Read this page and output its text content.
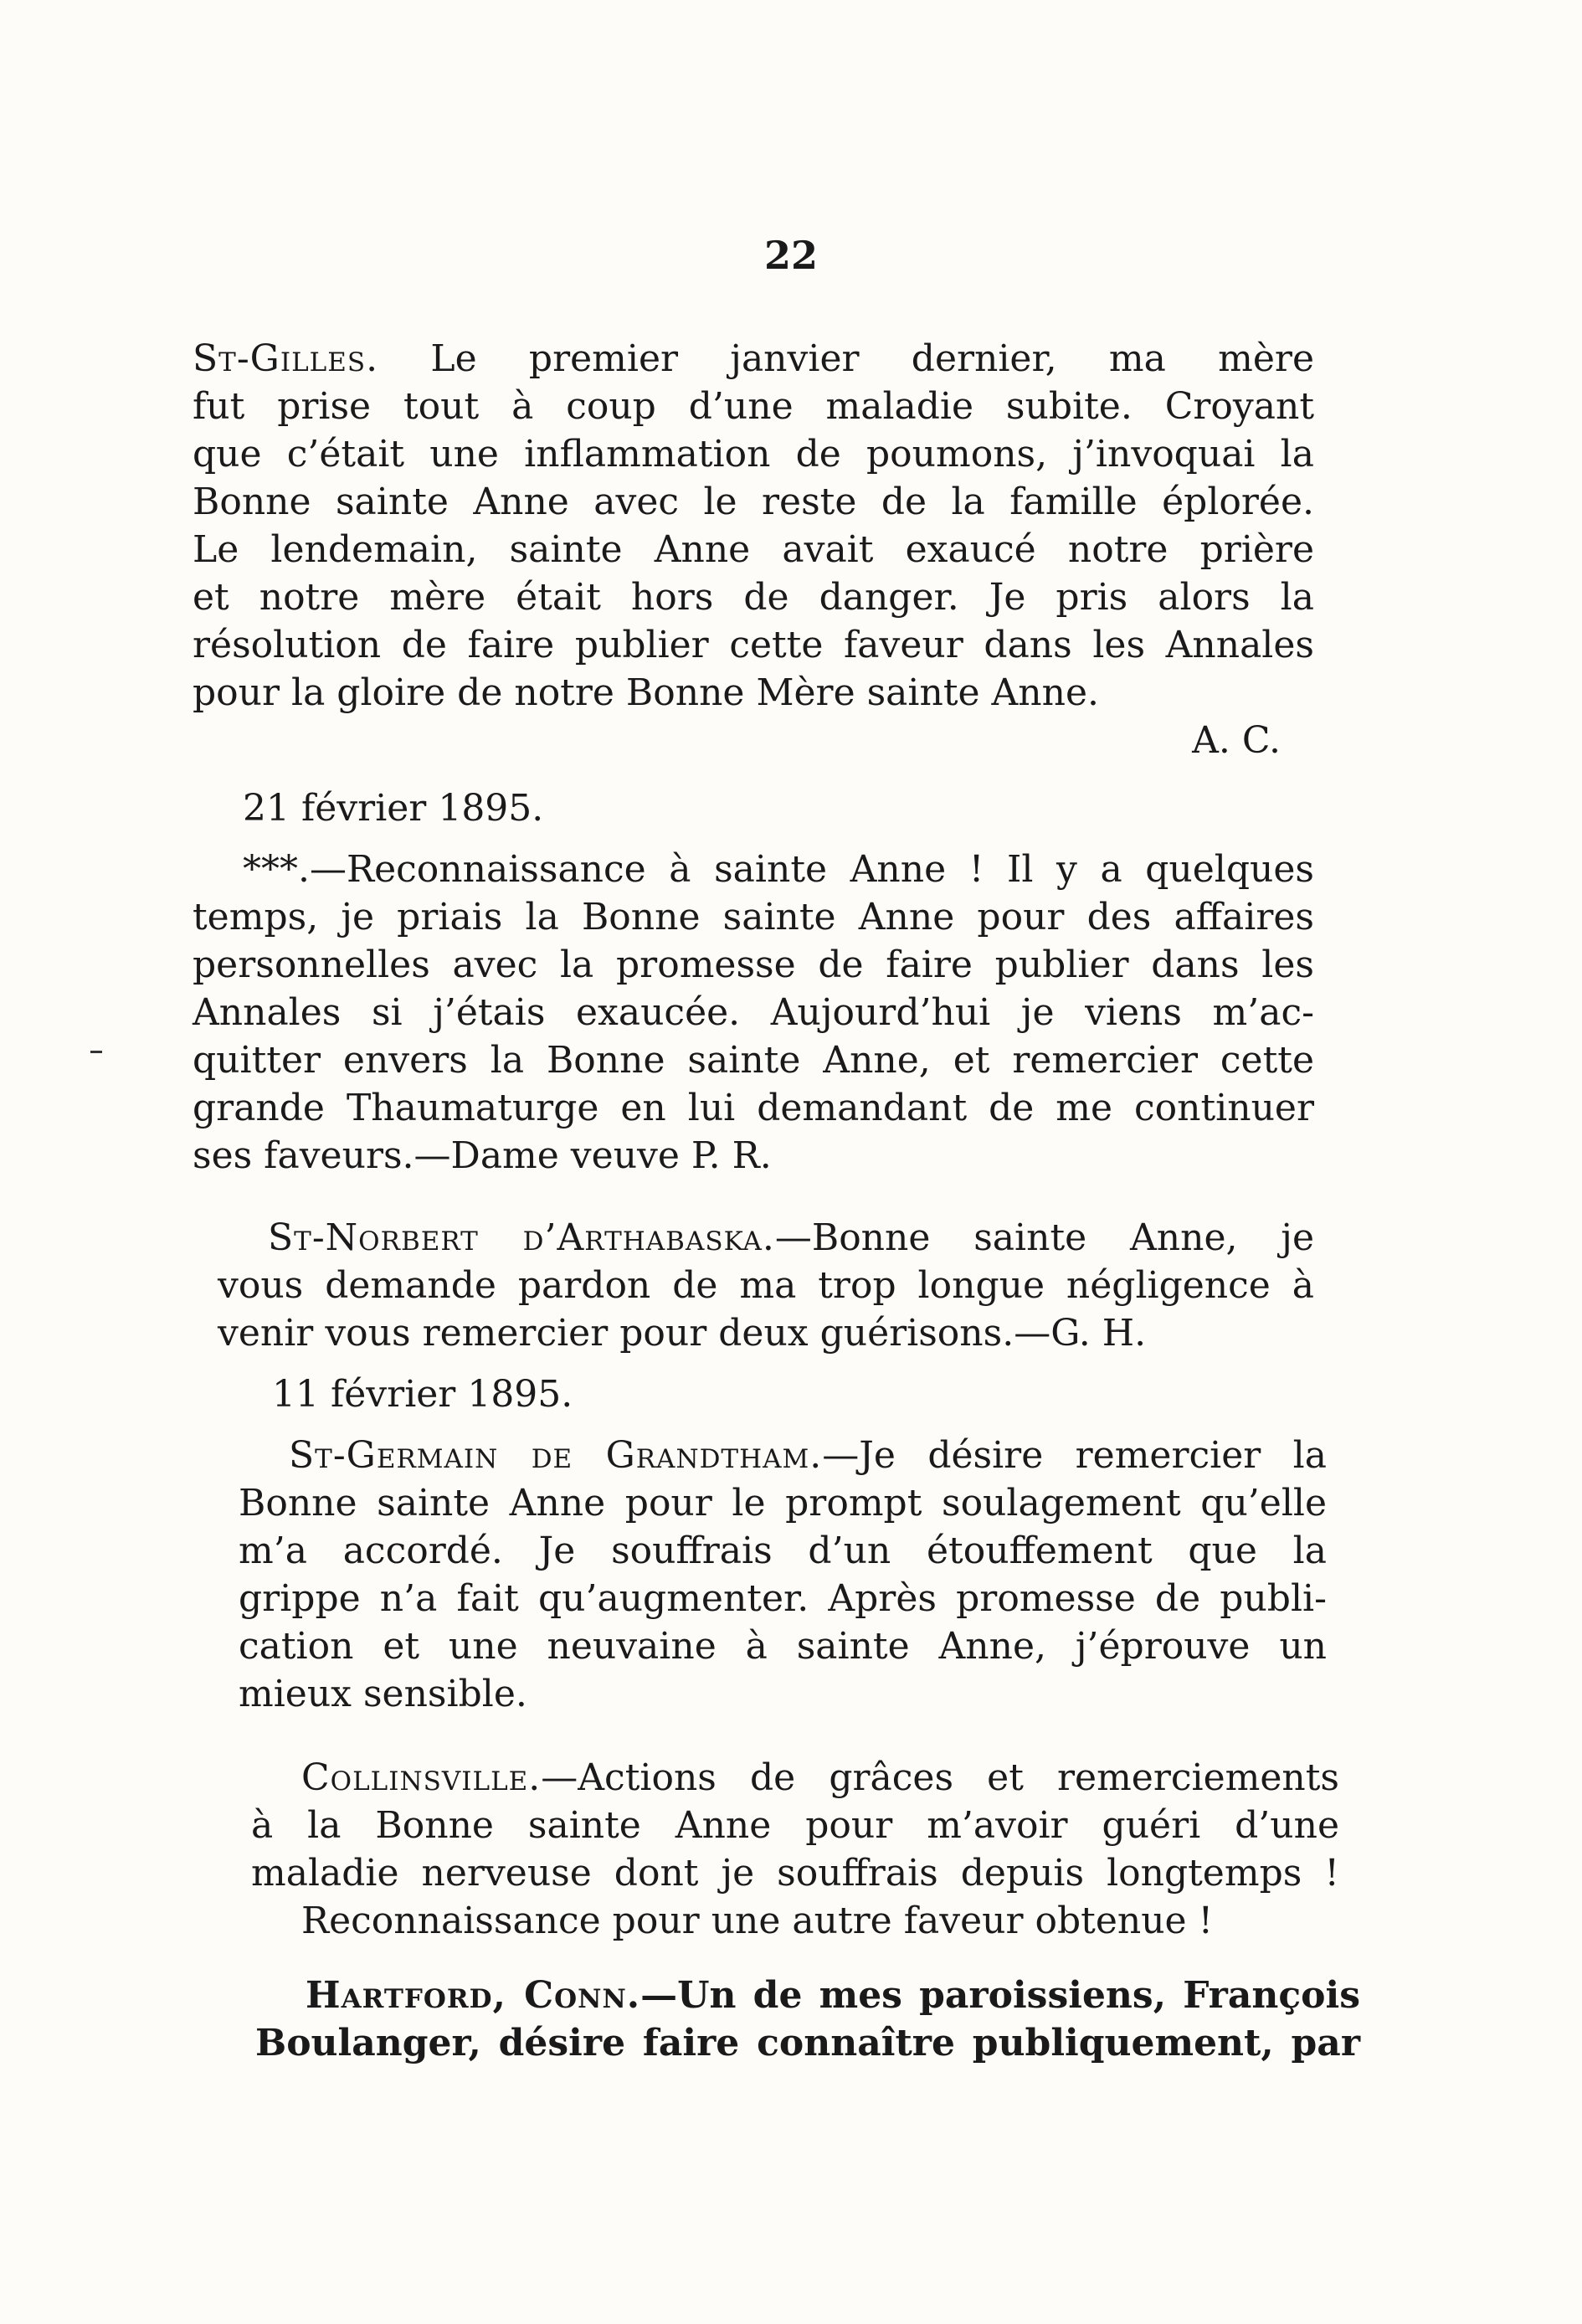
22
St-Gilles. Le premier janvier dernier, ma mère
fut prise tout à coup d’une maladie subite. Croyant
que c’était une inflammation de poumons, j’invoquai la
Bonne sainte Anne avec le reste de la famille éplorée.
Le lendemain, sainte Anne avait exaucé notre prière
et notre mère était hors de danger. Je pris alors la
résolution de faire publier cette faveur dans les Annales
pour la gloire de notre Bonne Mère sainte Anne.
A. C.
21 février 1895.
***.—Reconnaissance à sainte Anne ! Il y a quelques
temps, je priais la Bonne sainte Anne pour des affaires
personnelles avec la promesse de faire publier dans les
Annales si j’étais exaucée. Aujourd’hui je viens m’ac-
quitter envers la Bonne sainte Anne, et remercier cette
grande Thaumaturge en lui demandant de me continuer
ses faveurs.—Dame veuve P. R.
St-Norbert d’Arthabaska.—Bonne sainte Anne, je
vous demande pardon de ma trop longue négligence à
venir vous remercier pour deux guérisons.—G. H.
11 février 1895.
St-Germain de Grandtham.—Je désire remercier la
Bonne sainte Anne pour le prompt soulagement qu’elle
m’a accordé. Je souffrais d’un étouffement que la
grippe n’a fait qu’augmenter. Après promesse de publi-
cation et une neuvaine à sainte Anne, j’éprouve un
mieux sensible.
Collinsville.—Actions de grâces et remerciements
à la Bonne sainte Anne pour m’avoir guéri d’une
maladie nerveuse dont je souffrais depuis longtemps !
Reconnaissance pour une autre faveur obtenue !
Hartford, Conn.—Un de mes paroissiens, François
Boulanger, désire faire connaître publiquement, par
